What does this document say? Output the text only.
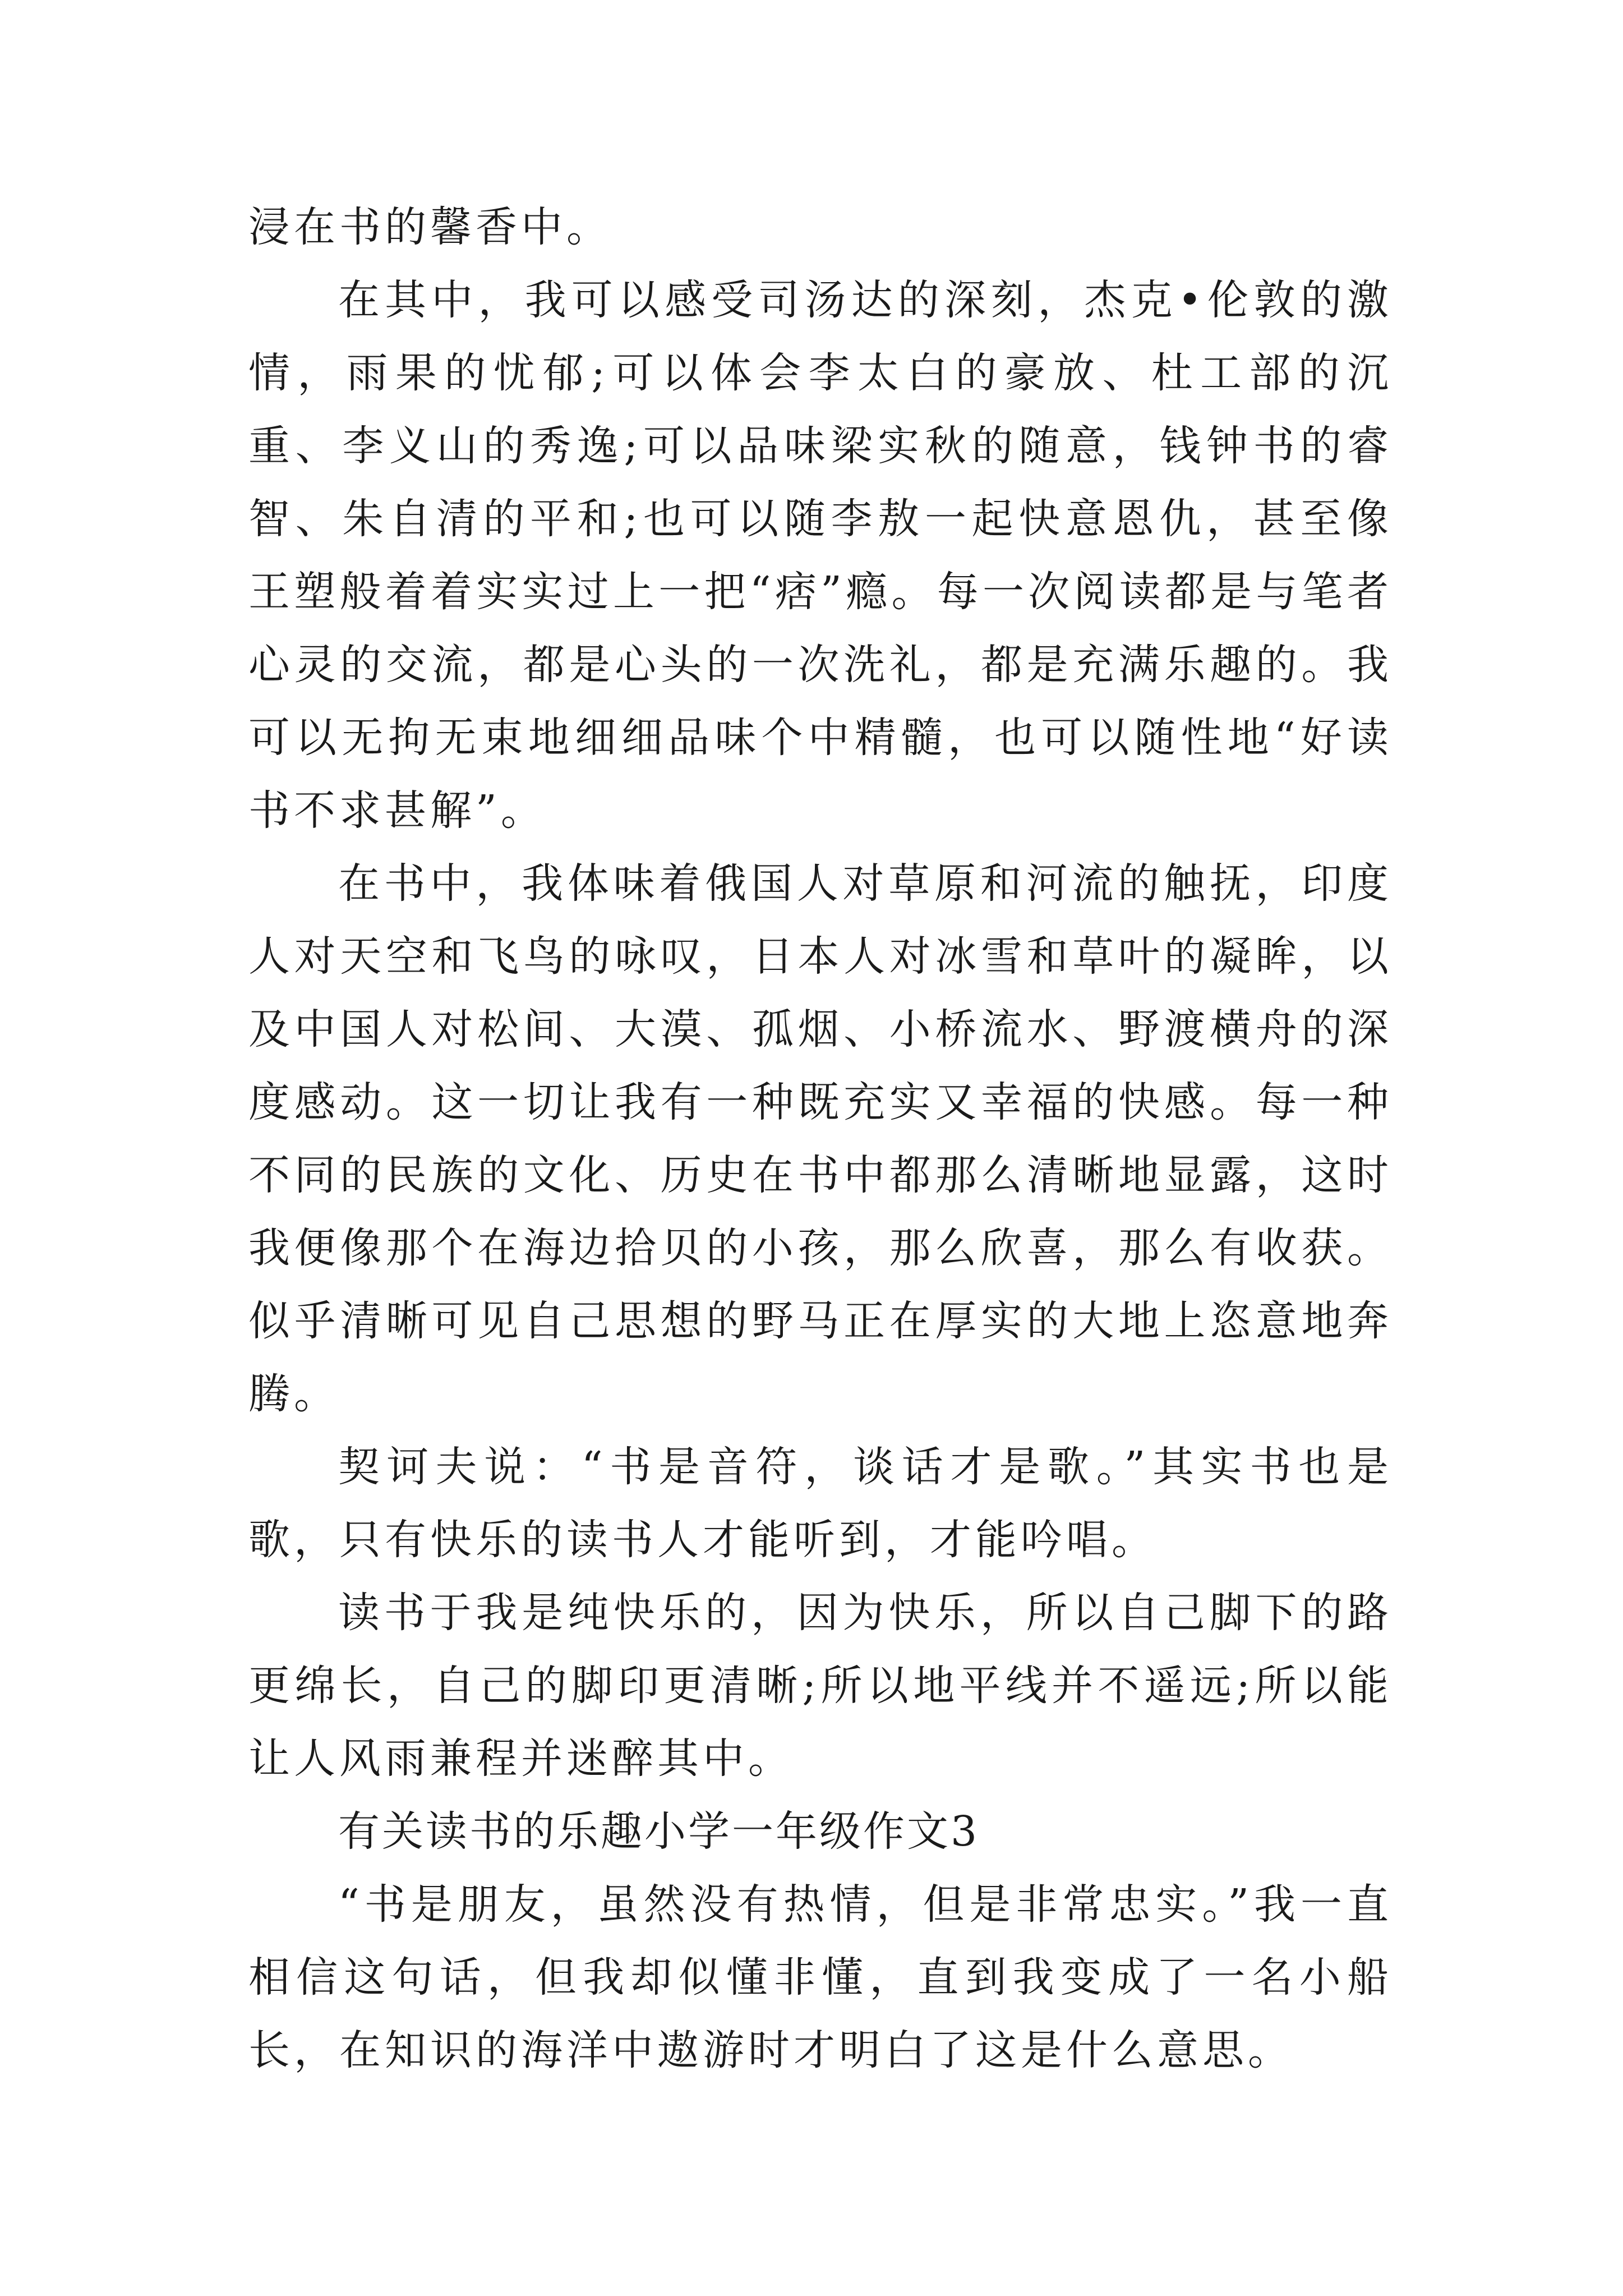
浸在书的馨香中。

在其中，我可以感受司汤达的深刻，杰克•伦敦的激情，雨果的忧郁;可以体会李太白的豪放、杜工部的沉重、李义山的秀逸;可以品味梁实秋的随意，钱钟书的睿智、朱自清的平和;也可以随李敖一起快意恩仇，甚至像王塑般着着实实过上一把“痞”瘾。每一次阅读都是与笔者心灵的交流，都是心头的一次洗礼，都是充满乐趣的。我可以无拘无束地细细品味个中精髓，也可以随性地“好读书不求甚解”。

在书中，我体味着俄国人对草原和河流的触抚，印度人对天空和飞鸟的咏叹，日本人对冰雪和草叶的凝眸，以及中国人对松间、大漠、孤烟、小桥流水、野渡横舟的深度感动。这一切让我有一种既充实又幸福的快感。每一种不同的民族的文化、历史在书中都那么清晰地显露，这时我便像那个在海边拾贝的小孩，那么欣喜，那么有收获。似乎清晰可见自己思想的野马正在厚实的大地上恣意地奔腾。

契诃夫说：“书是音符，谈话才是歌。”其实书也是歌，只有快乐的读书人才能听到，才能吟唱。

读书于我是纯快乐的，因为快乐，所以自己脚下的路更绵长，自己的脚印更清晰;所以地平线并不遥远;所以能让人风雨兼程并迷醉其中。

有关读书的乐趣小学一年级作文3

“书是朋友，虽然没有热情，但是非常忠实。”我一直相信这句话，但我却似懂非懂，直到我变成了一名小船长，在知识的海洋中遨游时才明白了这是什么意思。
